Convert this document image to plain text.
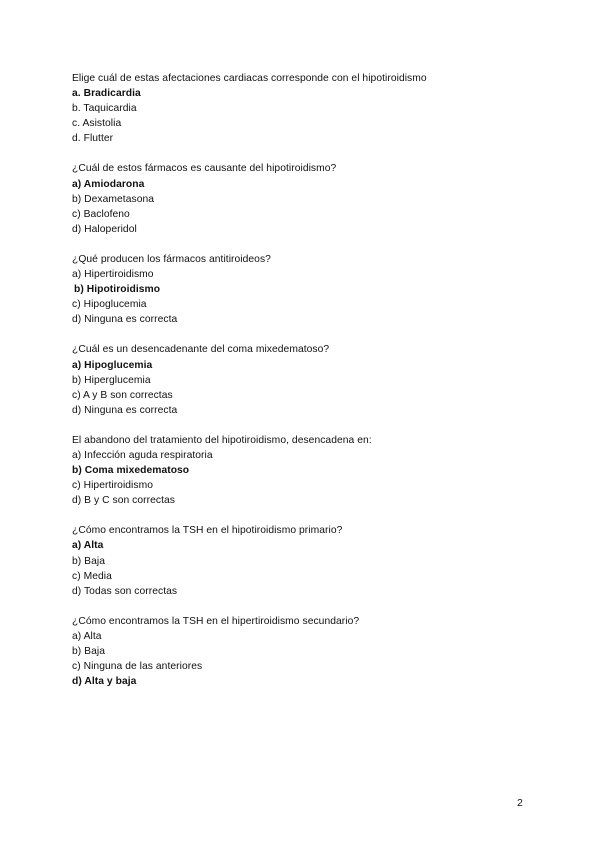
Elige cuál de estas afectaciones cardiacas corresponde con el hipotiroidismo
a. Bradicardia
b. Taquicardia
c. Asistolia
d. Flutter
¿Cuál de estos fármacos es causante del hipotiroidismo?
a) Amiodarona
b) Dexametasona
c) Baclofeno
d) Haloperidol
¿Qué producen los fármacos antitiroideos?
a) Hipertiroidismo
b) Hipotiroidismo
c) Hipoglucemia
d) Ninguna es correcta
¿Cuál es un desencadenante del coma mixedematoso?
a) Hipoglucemia
b) Hiperglucemia
c) A y B son correctas
d) Ninguna es correcta
El abandono del tratamiento del hipotiroidismo, desencadena en:
a) Infección aguda respiratoria
b) Coma mixedematoso
c) Hipertiroidismo
d) B y C son correctas
¿Cómo encontramos la TSH en el hipotiroidismo primario?
a) Alta
b) Baja
c) Media
d) Todas son correctas
¿Cómo encontramos la TSH en el hipertiroidismo secundario?
a) Alta
b) Baja
c) Ninguna de las anteriores
d) Alta y baja
2
